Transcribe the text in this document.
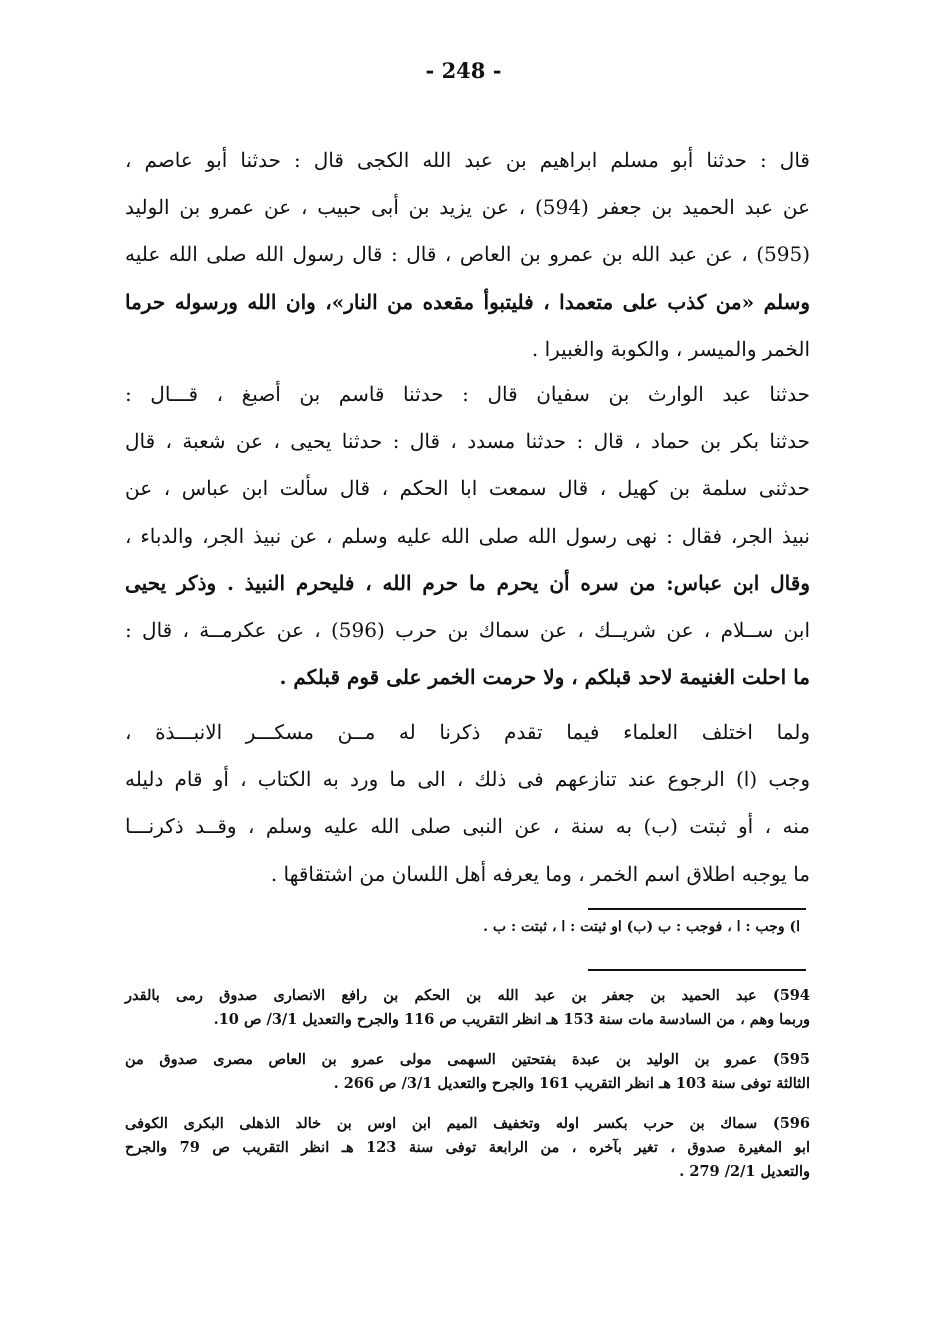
- 248 -

قال : حدثنا أبو مسلم ابراهيم بن عبد الله الكجى قال : حدثنا أبو عاصم ،
عن عبد الحميد بن جعفر (594) ، عن يزيد بن أبى حبيب ، عن عمرو بن الوليد
(595) ، عن عبد الله بن عمرو بن العاص ، قال : قال رسول الله صلى الله عليه
وسلم «من كذب على متعمدا ، فليتبوأ مقعده من النار»، وان الله ورسوله حرما
الخمر والميسر ، والكوبة والغبيرا .

حدثنا عبد الوارث بن سفيان قال : حدثنا قاسم بن أصبغ ، قـــال :
حدثنا بكر بن حماد ، قال : حدثنا مسدد ، قال : حدثنا يحيى ، عن شعبة ، قال
حدثنى سلمة بن كهيل ، قال سمعت ابا الحكم ، قال سألت ابن عباس ، عن
نبيذ الجر، فقال : نهى رسول الله صلى الله عليه وسلم ، عن نبيذ الجر، والدباء ،
وقال ابن عباس: من سره أن يحرم ما حرم الله ، فليحرم النبيذ . وذكر يحيى
ابن ســلام ، عن شريــك ، عن سماك بن حرب (596) ، عن عكرمــة ، قال :
ما احلت الغنيمة لاحد قبلكم ، ولا حرمت الخمر على قوم قبلكم .

ولما اختلف العلماء فيما تقدم ذكرنا له مــن مسكـــر الانبـــذة ،
وجب (ا) الرجوع عند تنازعهم فى ذلك ، الى ما ورد به الكتاب ، أو قام دليله
منه ، أو ثبتت (ب) به سنة ، عن النبى صلى الله عليه وسلم ، وقــد ذكرنـــا
ما يوجبه اطلاق اسم الخمر ، وما يعرفه أهل اللسان من اشتقاقها .

ا) وجب : ا ، فوجب : ب (ب) او ثبتت : ا ، ثبتت : ب .

594) عبد الحميد بن جعفر بن عبد الله بن الحكم بن رافع الانصارى صدوق رمى بالقدر
وربما وهم ، من السادسة مات سنة 153 هـ انظر التقريب ص 116 والجرح والتعديل 3/1/ ص 10.

595) عمرو بن الوليد بن عبدة بفتحتين السهمى مولى عمرو بن العاص مصرى صدوق من
الثالثة توفى سنة 103 هـ انظر التقريب 161 والجرح والتعديل 3/1/ ص 266 .

596) سماك بن حرب بكسر اوله وتخفيف الميم ابن اوس بن خالد الذهلى البكرى الكوفى
ابو المغيرة صدوق ، تغير بآخره ، من الرابعة توفى سنة 123 هـ انظر التقريب ص 79 والجرح
والتعديل 2/1/ 279 .
